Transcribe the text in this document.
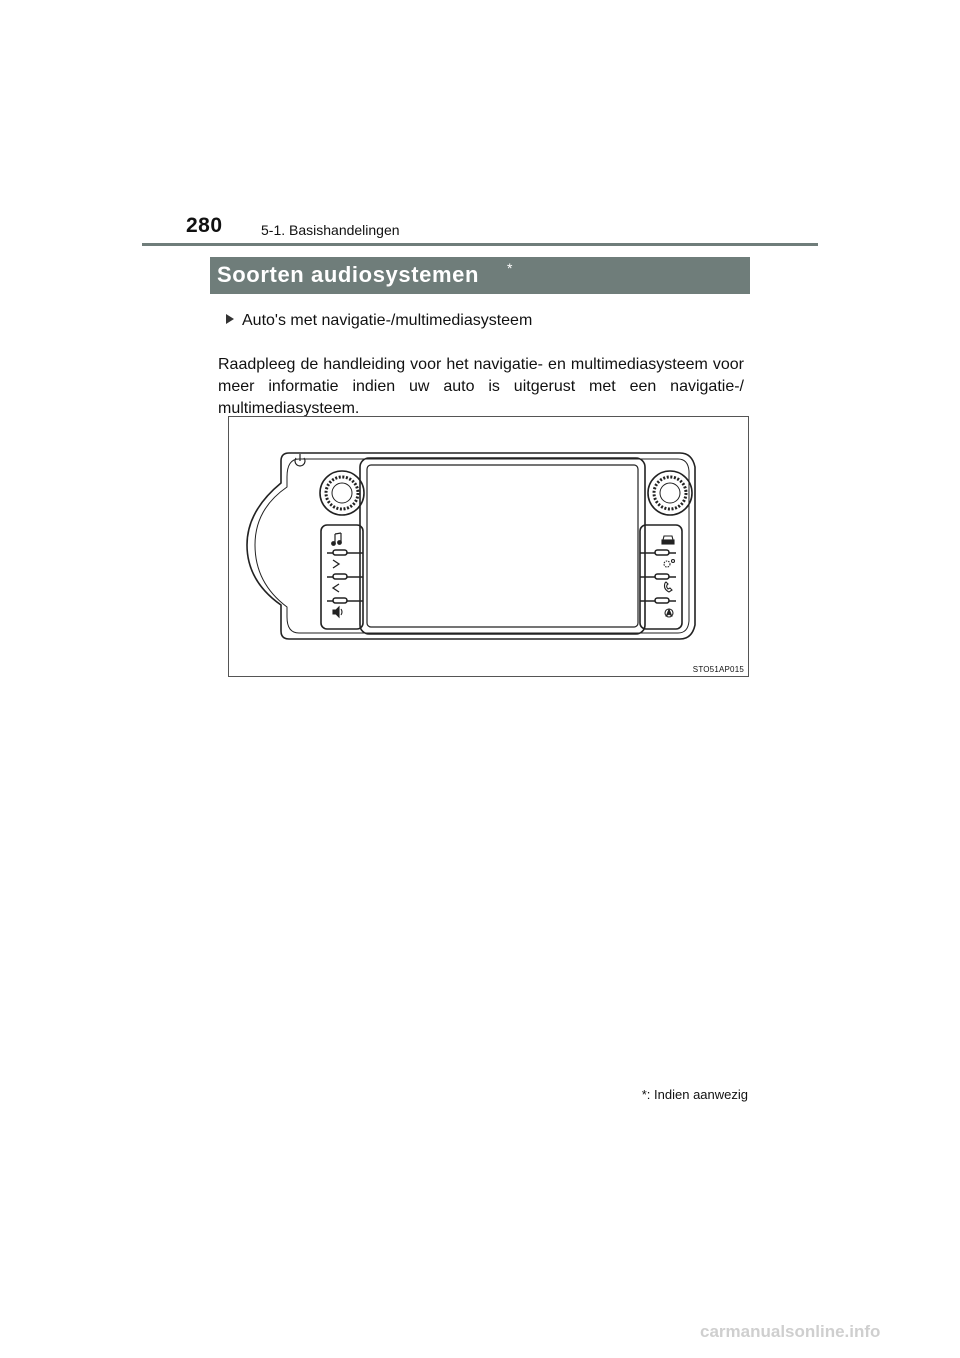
280	5-1. Basishandelingen
Soorten audiosystemen *
Auto's met navigatie-/multimediasysteem

Raadpleeg de handleiding voor het navigatie- en multimediasysteem voor meer informatie indien uw auto is uitgerust met een navigatie-/ multimediasysteem.

STO51AP015
*: Indien aanwezig
carmanualsonline.info
